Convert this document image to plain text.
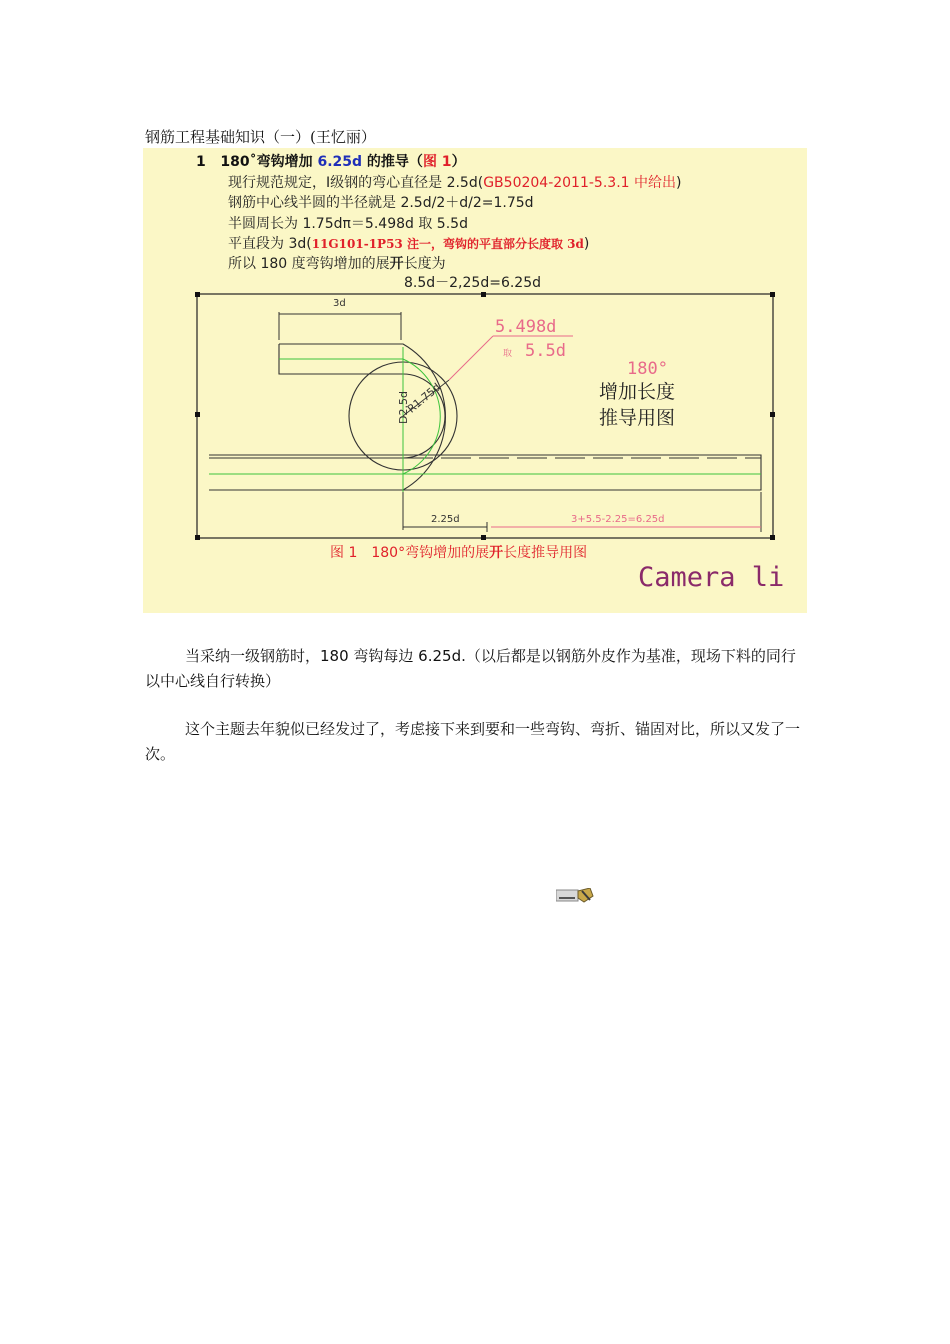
钢筋工程基础知识（一）(王忆丽）
1 180˚弯钩增加 6.25d 的推导（图 1）
现行规范规定，Ⅰ级钢的弯心直径是 2.5d(GB50204-2011-5.3.1 中给出)
钢筋中心线半圆的半径就是 2.5d/2＋d/2=1.75d
半圆周长为 1.75dπ＝5.498d 取 5.5d
平直段为 3d(11G101-1P53 注一，弯钩的平直部分长度取 3d)
所以 180 度弯钩增加的展开长度为
8.5d－2,25d=6.25d
3d
R1.75d
D2.5d
5.498d
取 5.5d
180°
增加长度
推导用图
2.25d	3+5.5-2.25=6.25d
图 1　180°弯钩增加的展开长度推导用图
Camera li
当采纳一级钢筋时，180 弯钩每边 6.25d.（以后都是以钢筋外皮作为基准，现场下料的同行以中心线自行转换）
这个主题去年貌似已经发过了，考虑接下来到要和一些弯钩、弯折、锚固对比，所以又发了一次。
